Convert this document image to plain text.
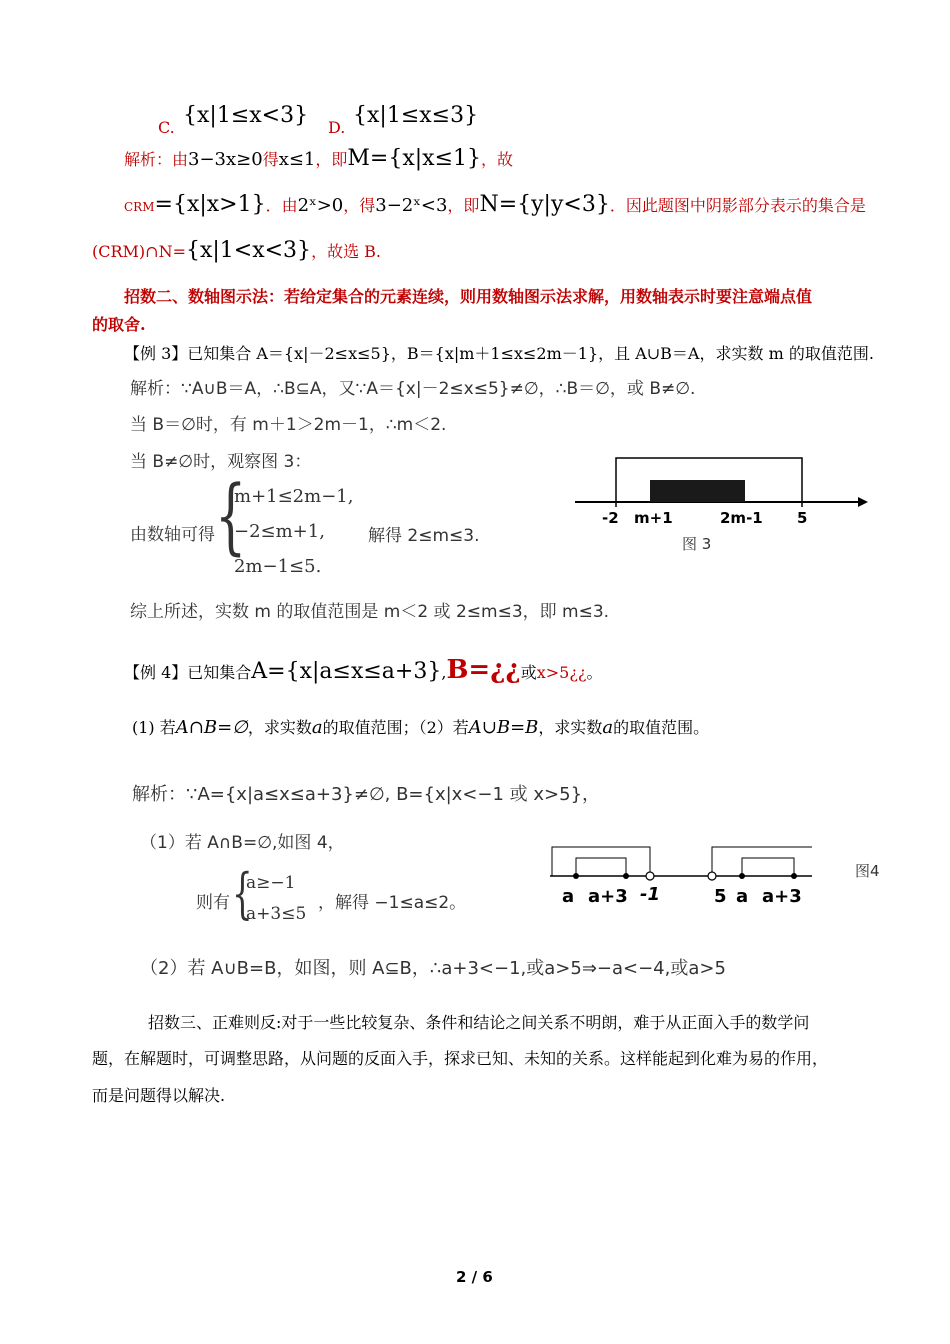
C. {x|1≤x<3} D. {x|1≤x≤3}
解析：由3−3x≥0得x≤1，即M={x|x≤1}，故
CRM={x|x>1}．由2ˣ>0，得3−2ˣ<3，即N={y|y<3}．因此题图中阴影部分表示的集合是
(CRM)∩N={x|1<x<3}，故选 B.
招数二、数轴图示法：若给定集合的元素连续，则用数轴图示法求解，用数轴表示时要注意端点值
的取舍.
【例 3】已知集合 A＝{x|－2≤x≤5}，B＝{x|m＋1≤x≤2m－1}，且 A∪B＝A，求实数 m 的取值范围.
解析：∵A∪B＝A，∴B⊆A，又∵A＝{x|－2≤x≤5}≠∅，∴B＝∅，或 B≠∅.
当 B＝∅时，有 m＋1＞2m－1，∴m＜2.
当 B≠∅时，观察图 3：
由数轴可得 {
m+1≤2m−1,
−2≤m+1,
2m−1≤5.
解得 2≤m≤3.
-2 m+1	2m-1 5
图 3
综上所述，实数 m 的取值范围是 m＜2 或 2≤m≤3，即 m≤3.
【例 4】已知集合A={x|a≤x≤a+3},B=¿¿或x>5¿¿。
(1) 若A∩B=∅，求实数a的取值范围；（2）若A∪B=B，求实数a的取值范围。
解析：∵A={x|a≤x≤a+3}≠∅, B={x|x<−1 或 x>5}，
（1）若 A∩B=∅,如图 4，
则有 {
a≥−1
a+3≤5
，解得 −1≤a≤2。	a a+3 -1	5 a a+3
图4
（2）若 A∪B=B，如图，则 A⊆B，∴a+3<−1,或a>5⇒−a<−4,或a>5
招数三、正难则反:对于一些比较复杂、条件和结论之间关系不明朗，难于从正面入手的数学问
题，在解题时，可调整思路，从问题的反面入手，探求已知、未知的关系。这样能起到化难为易的作用，
而是问题得以解决.
2 / 6
